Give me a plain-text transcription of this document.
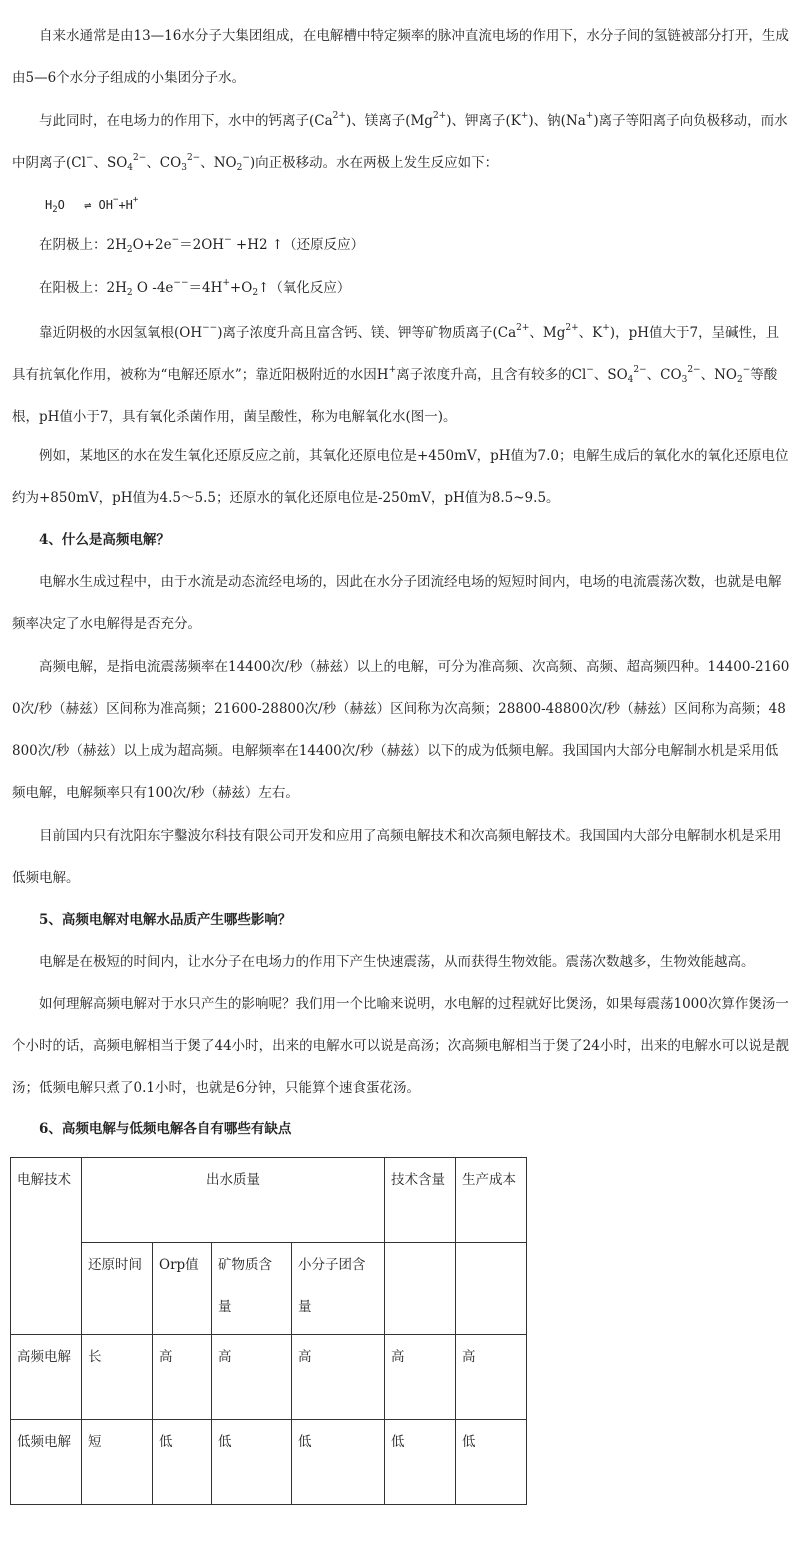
自来水通常是由13—16水分子大集团组成，在电解槽中特定频率的脉冲直流电场的作用下，水分子间的氢链被部分打开，生成由5—6个水分子组成的小集团分子水。

与此同时，在电场力的作用下，水中的钙离子$(Ca^{2+})$、镁离子$(Mg^{2+})$、钾离子(K+)、钠(Na+)离子等阳离子向负极移动，而水中阴离子(Cl−、$SO_4^{2-}$、$CO_3^{2-}$、$NO_2^-$)向正极移动。水在两极上发生反应如下：

$H_2O$　 ⇌ OH−+H+
在阴极上：$2H_2O+2e^-=2OH^- +H2$ ↑（还原反应）
在阳极上：$2H_2$ O $-4e^{--}=4H^++O_2↑$（氧化反应）

靠近阴极的水因氢氧根(OH−−)离子浓度升高且富含钙、镁、钾等矿物质离子($Ca^{2+}$、$Mg^{2+}$、K+)，pH值大于7，呈碱性，且具有抗氧化作用，被称为“电解还原水”；靠近阳极附近的水因H+离子浓度升高，且含有较多的Cl−、$SO_4^{2-}$、$CO_3^{2-}$、$NO_2^-$等酸根，pH值小于7，具有氧化杀菌作用，菌呈酸性，称为电解氧化水(图一)。

例如，某地区的水在发生氧化还原反应之前，其氧化还原电位是+450mV，pH值为7.0；电解生成后的氧化水的氧化还原电位约为+850mV，pH值为4.5～5.5；还原水的氧化还原电位是-250mV，pH值为8.5~9.5。

4、什么是高频电解？

电解水生成过程中，由于水流是动态流经电场的，因此在水分子团流经电场的短短时间内，电场的电流震荡次数，也就是电解频率决定了水电解得是否充分。

高频电解，是指电流震荡频率在14400次/秒（赫兹）以上的电解，可分为准高频、次高频、高频、超高频四种。14400-21600次/秒（赫兹）区间称为准高频；21600-28800次/秒（赫兹）区间称为次高频；28800-48800次/秒（赫兹）区间称为高频；48800次/秒（赫兹）以上成为超高频。电解频率在14400次/秒（赫兹）以下的成为低频电解。我国国内大部分电解制水机是采用低频电解，电解频率只有100次/秒（赫兹）左右。

目前国内只有沈阳东宇鑿波尔科技有限公司开发和应用了高频电解技术和次高频电解技术。我国国内大部分电解制水机是采用低频电解。

5、高频电解对电解水品质产生哪些影响？

电解是在极短的时间内，让水分子在电场力的作用下产生快速震荡，从而获得生物效能。震荡次数越多，生物效能越高。

如何理解高频电解对于水只产生的影响呢？我们用一个比喻来说明，水电解的过程就好比煲汤，如果每震荡1000次算作煲汤一个小时的话，高频电解相当于煲了44小时，出来的电解水可以说是高汤；次高频电解相当于煲了24小时，出来的电解水可以说是靓汤；低频电解只煮了0.1小时，也就是6分钟，只能算个速食蛋花汤。

6、高频电解与低频电解各自有哪些有缺点
电解技术	出水质量				技术含量	生产成本

	还原时间	Orp值	矿物质含量	小分子团含量		

高频电解	长	高	高	高	高	高

低频电解	短	低	低	低	低	低
